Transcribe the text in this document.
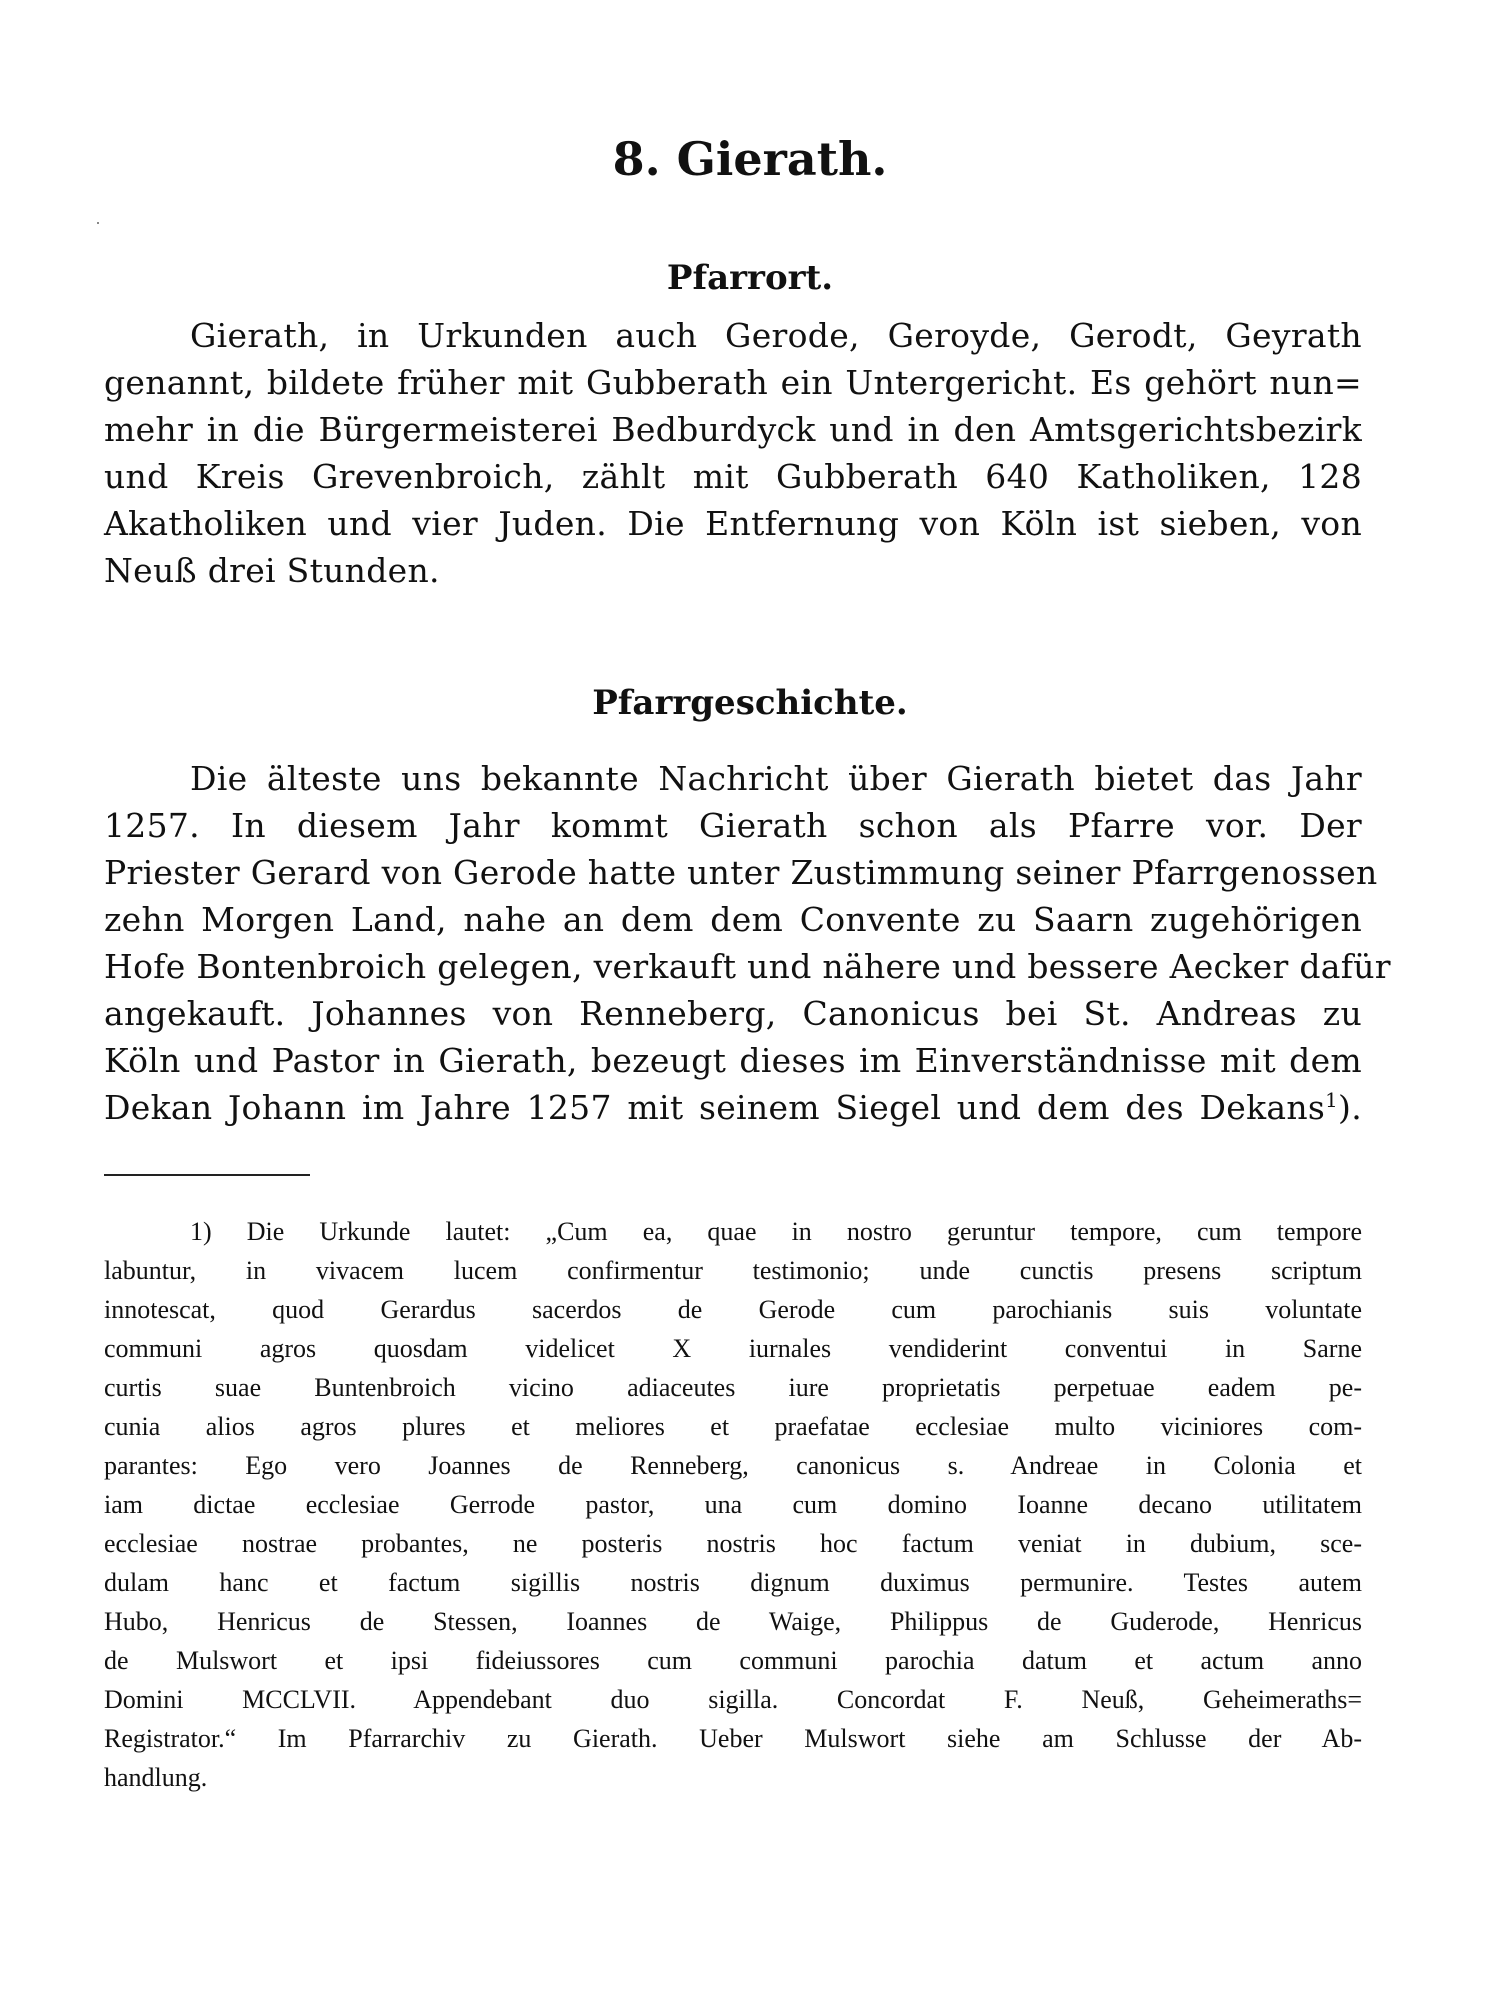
8. Gierath.
Pfarrort.
Gierath, in Urkunden auch Gerode, Geroyde, Gerodt, Geyrath
genannt, bildete früher mit Gubberath ein Untergericht. Es gehört nun=
mehr in die Bürgermeisterei Bedburdyck und in den Amtsgerichtsbezirk
und Kreis Grevenbroich, zählt mit Gubberath 640 Katholiken, 128
Akatholiken und vier Juden. Die Entfernung von Köln ist sieben, von
Neuß drei Stunden.
Pfarrgeschichte.
Die älteste uns bekannte Nachricht über Gierath bietet das Jahr
1257. In diesem Jahr kommt Gierath schon als Pfarre vor. Der
Priester Gerard von Gerode hatte unter Zustimmung seiner Pfarrgenossen
zehn Morgen Land, nahe an dem dem Convente zu Saarn zugehörigen
Hofe Bontenbroich gelegen, verkauft und nähere und bessere Aecker dafür
angekauft. Johannes von Renneberg, Canonicus bei St. Andreas zu
Köln und Pastor in Gierath, bezeugt dieses im Einverständnisse mit dem
Dekan Johann im Jahre 1257 mit seinem Siegel und dem des Dekans$^1$).
1) Die Urkunde lautet: „Cum ea, quae in nostro geruntur tempore, cum tempore
labuntur, in vivacem lucem confirmentur testimonio; unde cunctis presens scriptum
innotescat, quod Gerardus sacerdos de Gerode cum parochianis suis voluntate
communi agros quosdam videlicet X iurnales vendiderint conventui in Sarne
curtis suae Buntenbroich vicino adiaceutes iure proprietatis perpetuae eadem pe-
cunia alios agros plures et meliores et praefatae ecclesiae multo viciniores com-
parantes: Ego vero Joannes de Renneberg, canonicus s. Andreae in Colonia et
iam dictae ecclesiae Gerrode pastor, una cum domino Ioanne decano utilitatem
ecclesiae nostrae probantes, ne posteris nostris hoc factum veniat in dubium, sce-
dulam hanc et factum sigillis nostris dignum duximus permunire. Testes autem
Hubo, Henricus de Stessen, Ioannes de Waige, Philippus de Guderode, Henricus
de Mulswort et ipsi fideiussores cum communi parochia datum et actum anno
Domini MCCLVII. Appendebant duo sigilla. Concordat F. Neuß, Geheimeraths=
Registrator.“ Im Pfarrarchiv zu Gierath. Ueber Mulswort siehe am Schlusse der Ab-
handlung.
